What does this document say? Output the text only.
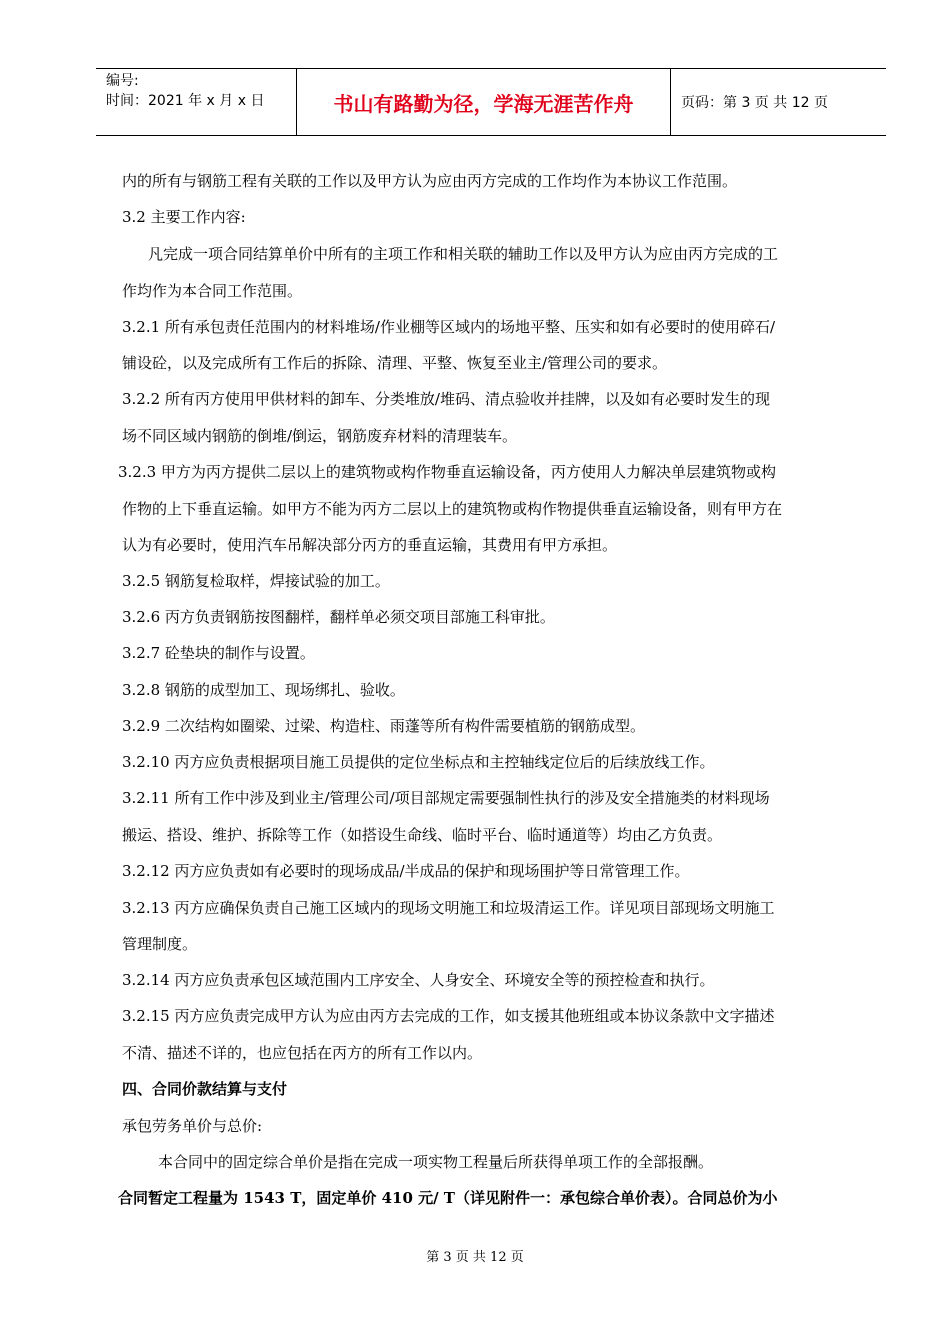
编号:
时间：2021 年 x 月 x 日	书山有路勤为径，学海无涯苦作舟	页码：第 3 页 共 12 页
内的所有与钢筋工程有关联的工作以及甲方认为应由丙方完成的工作均作为本协议工作范围。
3.2 主要工作内容:
凡完成一项合同结算单价中所有的主项工作和相关联的辅助工作以及甲方认为应由丙方完成的工
作均作为本合同工作范围。
3.2.1 所有承包责任范围内的材料堆场/作业棚等区域内的场地平整、压实和如有必要时的使用碎石/
铺设砼，以及完成所有工作后的拆除、清理、平整、恢复至业主/管理公司的要求。
3.2.2 所有丙方使用甲供材料的卸车、分类堆放/堆码、清点验收并挂牌，以及如有必要时发生的现
场不同区域内钢筋的倒堆/倒运，钢筋废弃材料的清理装车。
3.2.3 甲方为丙方提供二层以上的建筑物或构作物垂直运输设备，丙方使用人力解决单层建筑物或构
作物的上下垂直运输。如甲方不能为丙方二层以上的建筑物或构作物提供垂直运输设备，则有甲方在
认为有必要时，使用汽车吊解决部分丙方的垂直运输，其费用有甲方承担。
3.2.5 钢筋复检取样，焊接试验的加工。
3.2.6 丙方负责钢筋按图翻样，翻样单必须交项目部施工科审批。
3.2.7 砼垫块的制作与设置。
3.2.8 钢筋的成型加工、现场绑扎、验收。
3.2.9 二次结构如圈梁、过梁、构造柱、雨蓬等所有构件需要植筋的钢筋成型。
3.2.10 丙方应负责根据项目施工员提供的定位坐标点和主控轴线定位后的后续放线工作。
3.2.11 所有工作中涉及到业主/管理公司/项目部规定需要强制性执行的涉及安全措施类的材料现场
搬运、搭设、维护、拆除等工作（如搭设生命线、临时平台、临时通道等）均由乙方负责。
3.2.12 丙方应负责如有必要时的现场成品/半成品的保护和现场围护等日常管理工作。
3.2.13 丙方应确保负责自己施工区域内的现场文明施工和垃圾清运工作。详见项目部现场文明施工
管理制度。
3.2.14 丙方应负责承包区域范围内工序安全、人身安全、环境安全等的预控检查和执行。
3.2.15 丙方应负责完成甲方认为应由丙方去完成的工作，如支援其他班组或本协议条款中文字描述
不清、描述不详的，也应包括在丙方的所有工作以内。
四、合同价款结算与支付
承包劳务单价与总价:
本合同中的固定综合单价是指在完成一项实物工程量后所获得单项工作的全部报酬。
合同暂定工程量为 1543 T，固定单价 410 元/ T（详见附件一：承包综合单价表）。合同总价为小
第 3 页 共 12 页
